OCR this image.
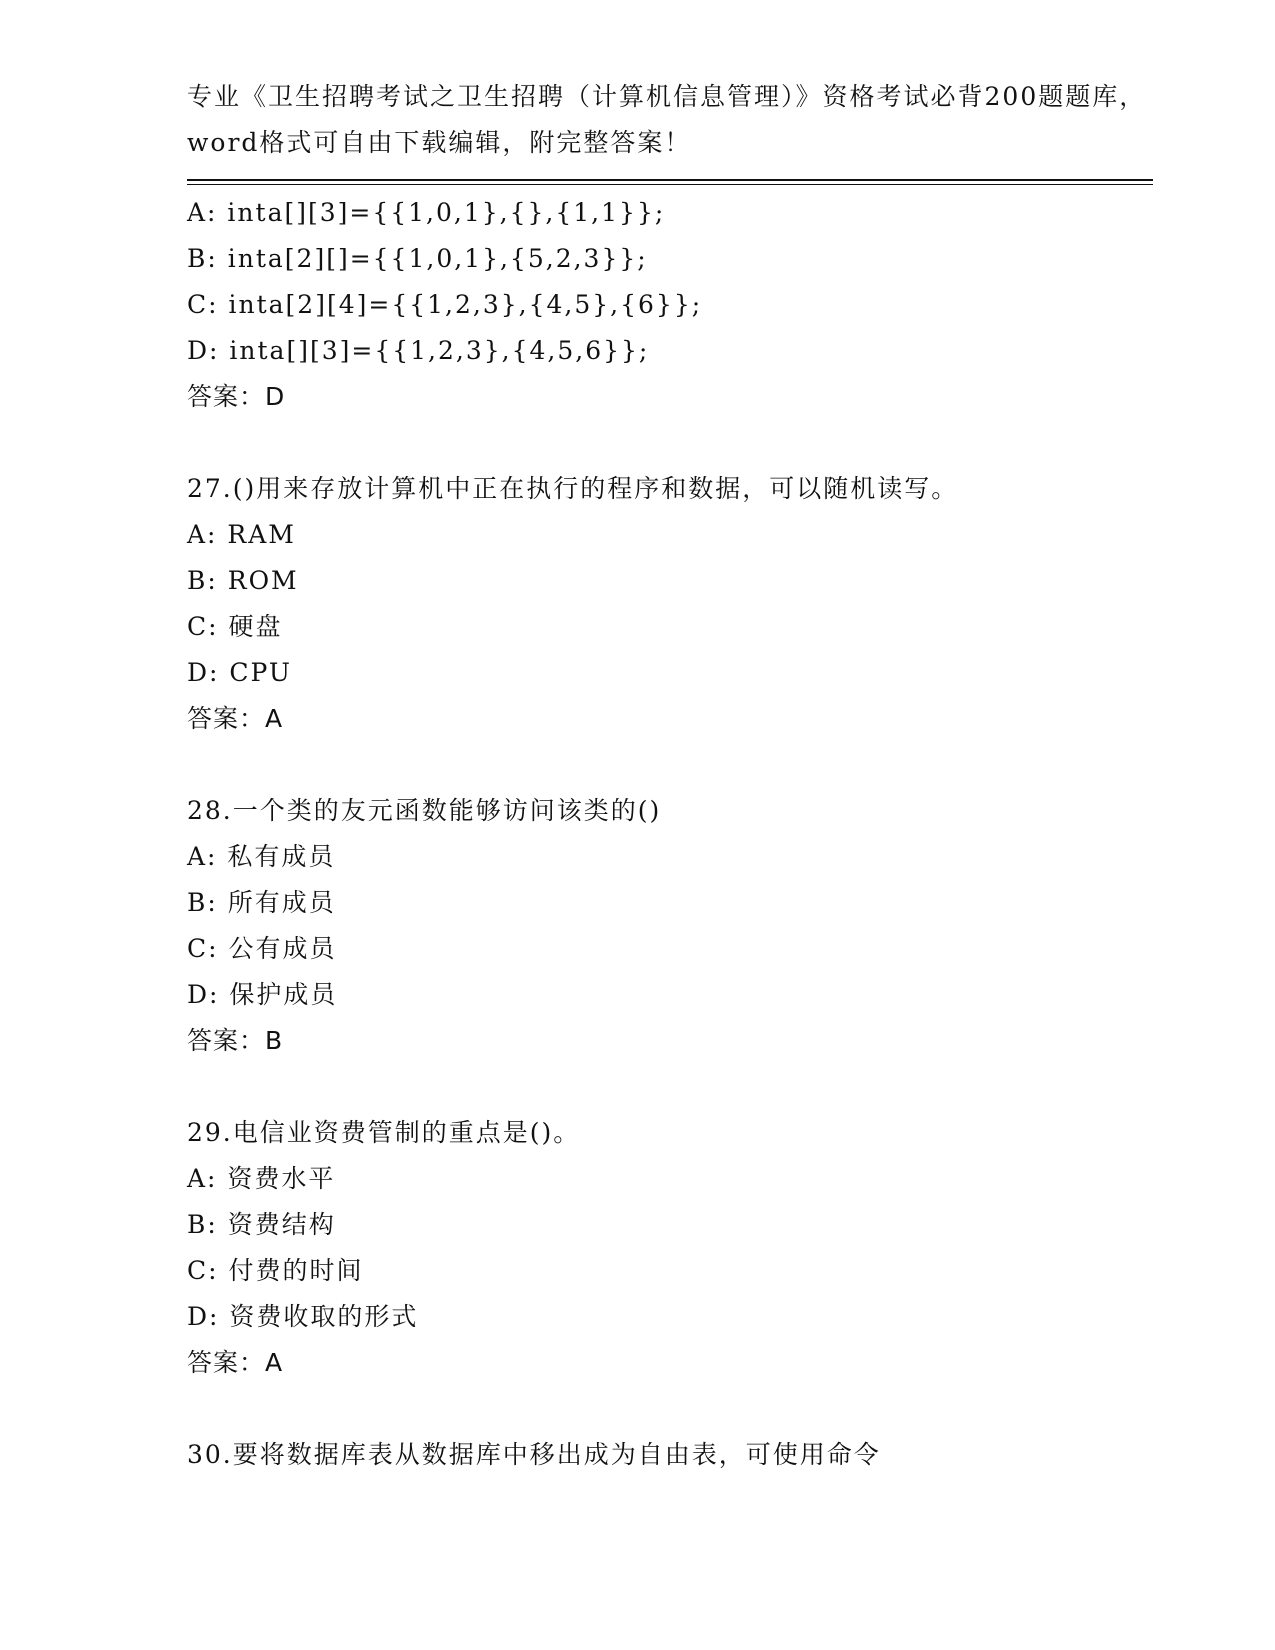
专业《卫生招聘考试之卫生招聘（计算机信息管理）》资格考试必背200题题库，
word格式可自由下载编辑，附完整答案！
A: inta[][3]={{1,0,1},{},{1,1}};
B: inta[2][]={{1,0,1},{5,2,3}};
C: inta[2][4]={{1,2,3},{4,5},{6}};
D: inta[][3]={{1,2,3},{4,5,6}};
答案：D
27.()用来存放计算机中正在执行的程序和数据，可以随机读写。
A: RAM
B: ROM
C: 硬盘
D: CPU
答案：A
28.一个类的友元函数能够访问该类的()
A: 私有成员
B: 所有成员
C: 公有成员
D: 保护成员
答案：B
29.电信业资费管制的重点是()。
A: 资费水平
B: 资费结构
C: 付费的时间
D: 资费收取的形式
答案：A
30.要将数据库表从数据库中移出成为自由表，可使用命令
